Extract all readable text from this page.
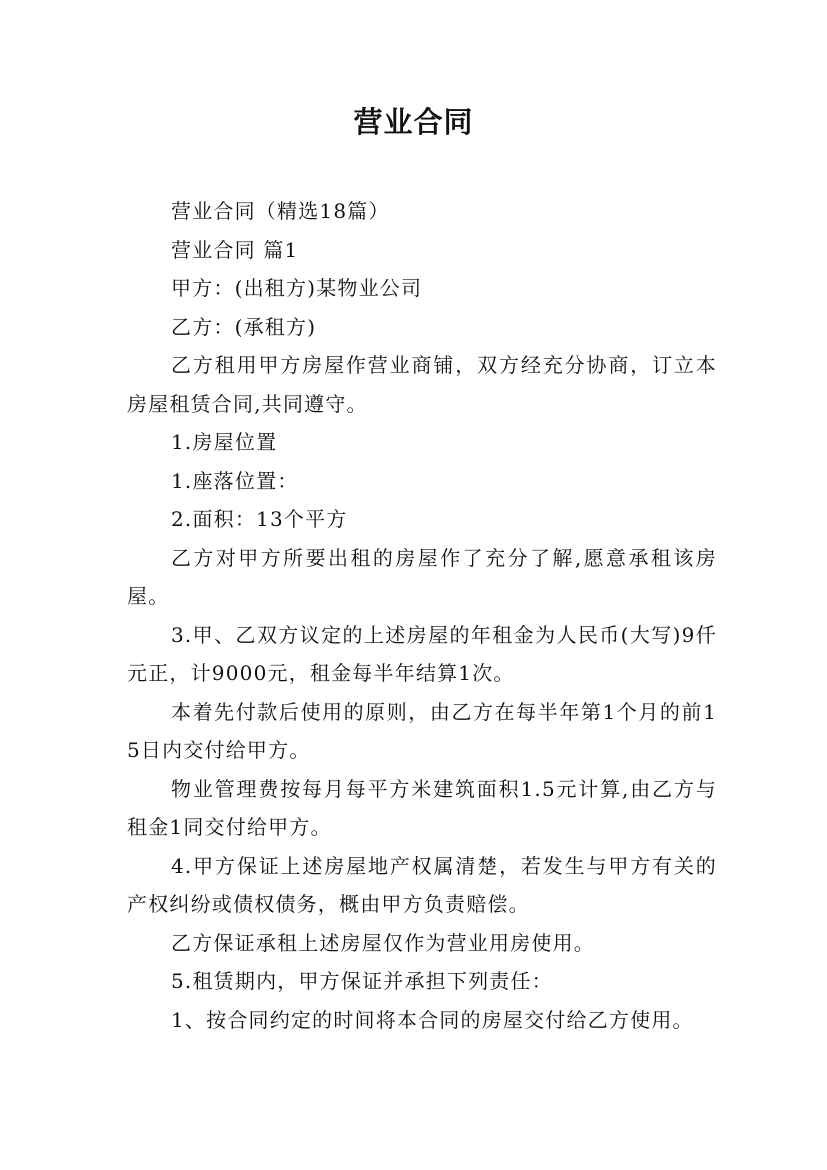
营业合同

营业合同（精选18篇）

营业合同 篇1

甲方：(出租方)某物业公司

乙方：(承租方)

乙方租用甲方房屋作营业商铺，双方经充分协商，订立本房屋租赁合同,共同遵守。

1.房屋位置

1.座落位置：

2.面积：13个平方

乙方对甲方所要出租的房屋作了充分了解,愿意承租该房屋。

3.甲、乙双方议定的上述房屋的年租金为人民币(大写)9仟元正，计9000元，租金每半年结算1次。

本着先付款后使用的原则，由乙方在每半年第1个月的前15日内交付给甲方。

物业管理费按每月每平方米建筑面积1.5元计算,由乙方与租金1同交付给甲方。

4.甲方保证上述房屋地产权属清楚，若发生与甲方有关的产权纠纷或债权债务，概由甲方负责赔偿。

乙方保证承租上述房屋仅作为营业用房使用。

5.租赁期内，甲方保证并承担下列责任：

1、按合同约定的时间将本合同的房屋交付给乙方使用。
